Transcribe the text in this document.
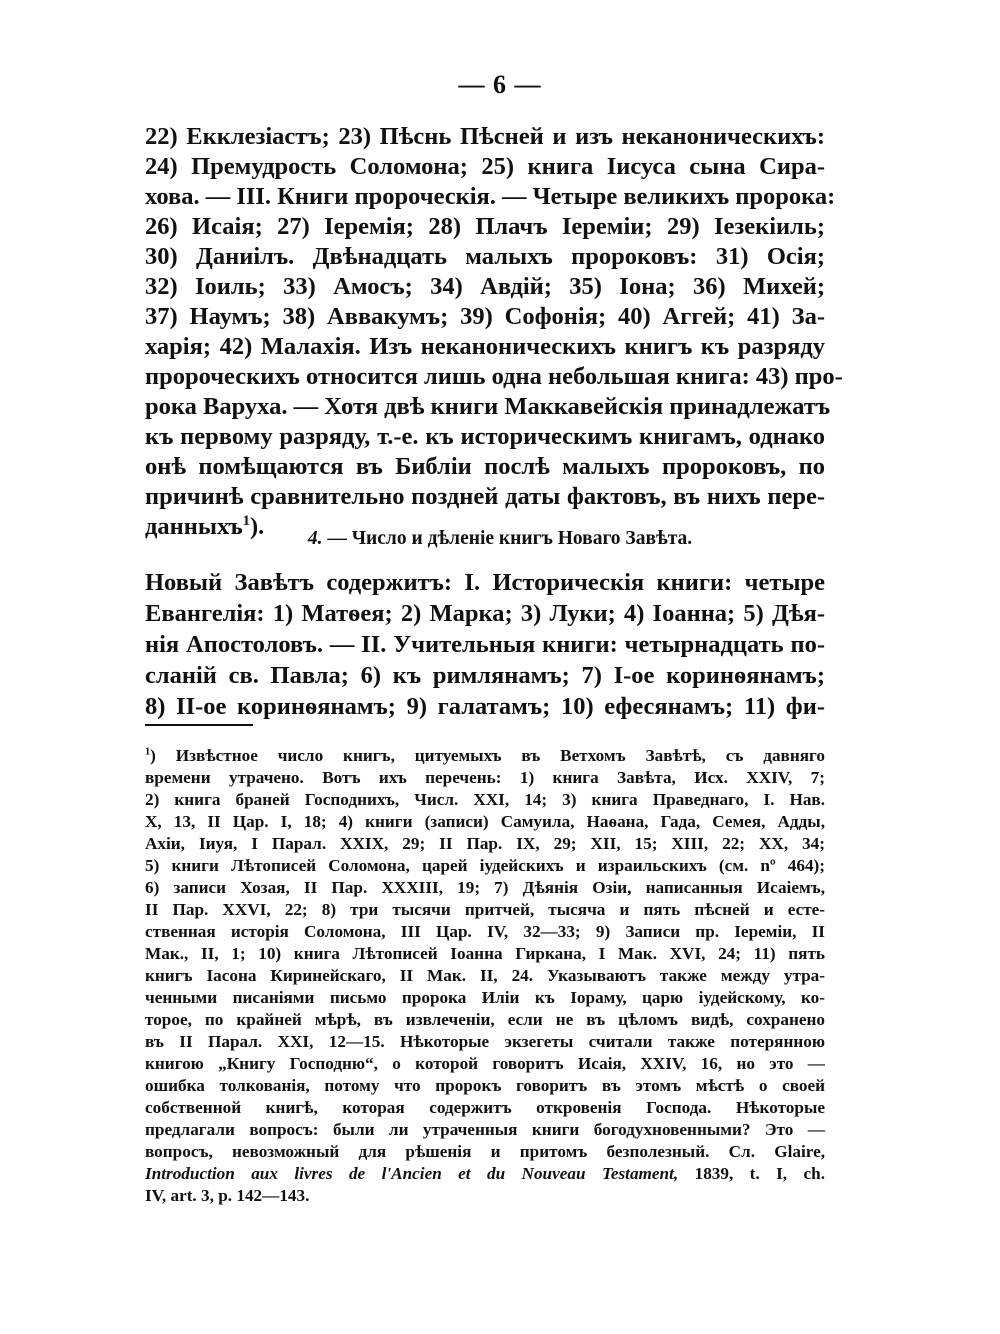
— 6 —
22) Екклезiастъ; 23) Пѣснь Пѣсней и изъ неканоническихъ:
24) Премудрость Соломона; 25) книга Iисуса сына Сира-
хова. — III. Книги пророческiя. — Четыре великихъ пророка:
26) Исаiя; 27) Iеремiя; 28) Плачъ Iеремiи; 29) Iезекiиль;
30) Даниiлъ. Двѣнадцать малыхъ пророковъ: 31) Осiя;
32) Iоиль; 33) Амосъ; 34) Авдiй; 35) Iона; 36) Михей;
37) Наумъ; 38) Аввакумъ; 39) Софонiя; 40) Аггей; 41) За-
харiя; 42) Малахiя. Изъ неканоническихъ книгъ къ разряду
пророческихъ относится лишь одна небольшая книга: 43) про-
рока Варуха. — Хотя двѣ книги Маккавейскiя принадлежатъ
къ первому разряду, т.-е. къ историческимъ книгамъ, однако
онѣ помѣщаются въ Библiи послѣ малыхъ пророковъ, по
причинѣ сравнительно поздней даты фактовъ, въ нихъ пере-
данныхъ$^1$).	4. — Число и дѣленiе книгъ Новаго Завѣта.
Новый Завѣтъ содержитъ: I. Историческiя книги: четыре
Евангелiя: 1) Матѳея; 2) Марка; 3) Луки; 4) Iоанна; 5) Дѣя-
нiя Апостоловъ. — II. Учительныя книги: четырнадцать по-
сланiй св. Павла; 6) къ римлянамъ; 7) I-ое коринѳянамъ;
8) II-ое коринѳянамъ; 9) галатамъ; 10) ефесянамъ; 11) фи-
$^1$) Извѣстное число книгъ, цитуемыхъ въ Ветхомъ Завѣтѣ, съ давняго
времени утрачено. Вотъ ихъ перечень: 1) книга Завѣта, Исх. XXIV, 7;
2) книга браней Господнихъ, Числ. XXI, 14; 3) книга Праведнаго, I. Нав.
X, 13, II Цар. I, 18; 4) книги (записи) Самуила, Наѳана, Гада, Семея, Адды,
Ахiи, Iиуя, I Парал. XXIX, 29; II Пар. IX, 29; XII, 15; XIII, 22; XX, 34;
5) книги Лѣтописей Соломона, царей iудейскихъ и израильскихъ (см. nº 464);
6) записи Хозая, II Пар. XXXIII, 19; 7) Дѣянiя Озiи, написанныя Исаiемъ,
II Пар. XXVI, 22; 8) три тысячи притчей, тысяча и пять пѣсней и есте-
ственная исторiя Соломона, III Цар. IV, 32—33; 9) Записи пр. Iеремiи, II
Мак., II, 1; 10) книга Лѣтописей Iоанна Гиркана, I Мак. XVI, 24; 11) пять
книгъ Iасона Киринейскаго, II Мак. II, 24. Указываютъ также между утра-
ченными писанiями письмо пророка Илiи къ Iораму, царю iудейскому, ко-
торое, по крайней мѣрѣ, въ извлеченiи, если не въ цѣломъ видѣ, сохранено
въ II Парал. XXI, 12—15. Нѣкоторые экзегеты считали также потерянною
книгою „Книгу Господню“, о которой говоритъ Исаiя, XXIV, 16, но это —
ошибка толкованiя, потому что пророкъ говоритъ въ этомъ мѣстѣ о своей
собственной книгѣ, которая содержитъ откровенiя Господа. Нѣкоторые
предлагали вопросъ: были ли утраченныя книги богодухновенными? Это —
вопросъ, невозможный для рѣшенiя и притомъ безполезный. Сл. Glaire,
Introduction aux livres de l'Ancien et du Nouveau Testament, 1839, t. I, ch.
IV, art. 3, p. 142—143.
